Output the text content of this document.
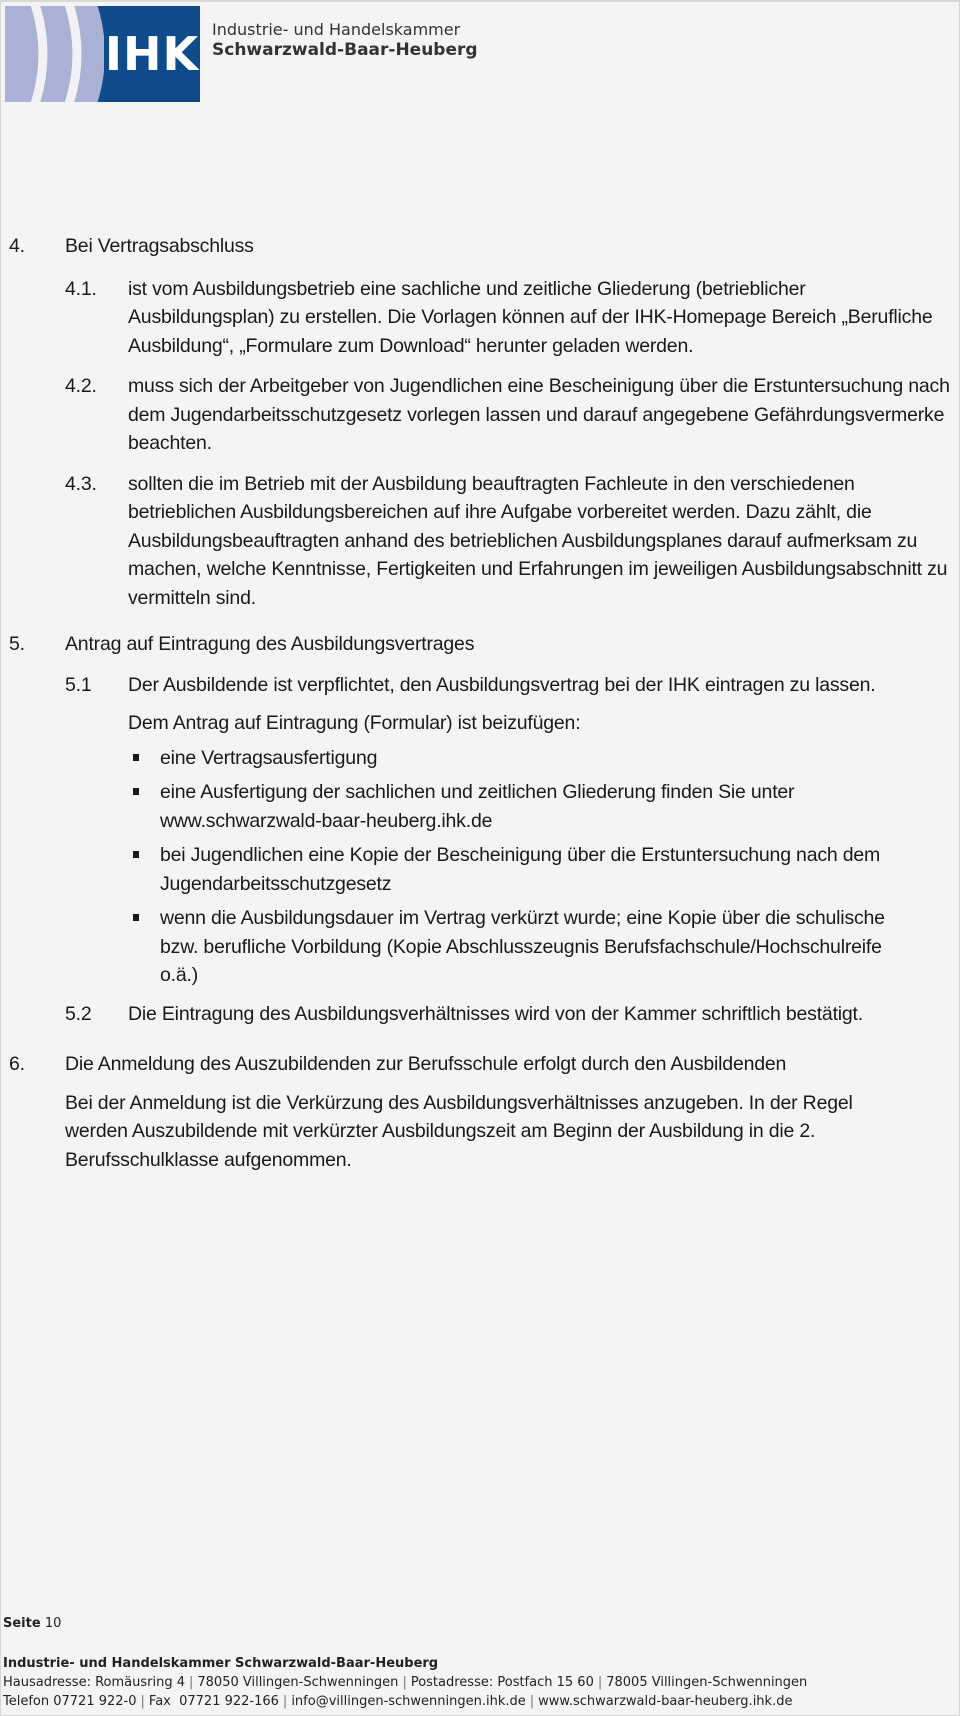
IHK Industrie- und Handelskammer
Schwarzwald-Baar-Heuberg
4.	Bei Vertragsabschluss
4.1.	ist vom Ausbildungsbetrieb eine sachliche und zeitliche Gliederung (betrieblicher Ausbildungsplan) zu erstellen. Die Vorlagen können auf der IHK-Homepage Bereich „Berufliche Ausbildung“, „Formulare zum Download“ herunter geladen werden.
4.2.	muss sich der Arbeitgeber von Jugendlichen eine Bescheinigung über die Erstuntersuchung nach dem Jugendarbeitsschutzgesetz vorlegen lassen und darauf angegebene Gefährdungsvermerke beachten.
4.3.	sollten die im Betrieb mit der Ausbildung beauftragten Fachleute in den verschiedenen betrieblichen Ausbildungsbereichen auf ihre Aufgabe vorbereitet werden. Dazu zählt, die Ausbildungsbeauftragten anhand des betrieblichen Ausbildungsplanes darauf aufmerksam zu machen, welche Kenntnisse, Fertigkeiten und Erfahrungen im jeweiligen Ausbildungsabschnitt zu vermitteln sind.
5.	Antrag auf Eintragung des Ausbildungsvertrages
5.1	Der Ausbildende ist verpflichtet, den Ausbildungsvertrag bei der IHK eintragen zu lassen.
Dem Antrag auf Eintragung (Formular) ist beizufügen:
eine Vertragsausfertigung
eine Ausfertigung der sachlichen und zeitlichen Gliederung finden Sie unter www.schwarzwald-baar-heuberg.ihk.de
bei Jugendlichen eine Kopie der Bescheinigung über die Erstuntersuchung nach dem Jugendarbeitsschutzgesetz
wenn die Ausbildungsdauer im Vertrag verkürzt wurde; eine Kopie über die schulische bzw. berufliche Vorbildung (Kopie Abschlusszeugnis Berufsfachschule/Hochschulreife o.ä.)
5.2	Die Eintragung des Ausbildungsverhältnisses wird von der Kammer schriftlich bestätigt.
6.	Die Anmeldung des Auszubildenden zur Berufsschule erfolgt durch den Ausbildenden
Bei der Anmeldung ist die Verkürzung des Ausbildungsverhältnisses anzugeben. In der Regel werden Auszubildende mit verkürzter Ausbildungszeit am Beginn der Ausbildung in die 2. Berufsschulklasse aufgenommen.
Seite 10
Industrie- und Handelskammer Schwarzwald-Baar-Heuberg
Hausadresse: Romäusring 4 | 78050 Villingen-Schwenningen | Postadresse: Postfach 15 60 | 78005 Villingen-Schwenningen
Telefon 07721 922-0 | Fax  07721 922-166 | info@villingen-schwenningen.ihk.de | www.schwarzwald-baar-heuberg.ihk.de
